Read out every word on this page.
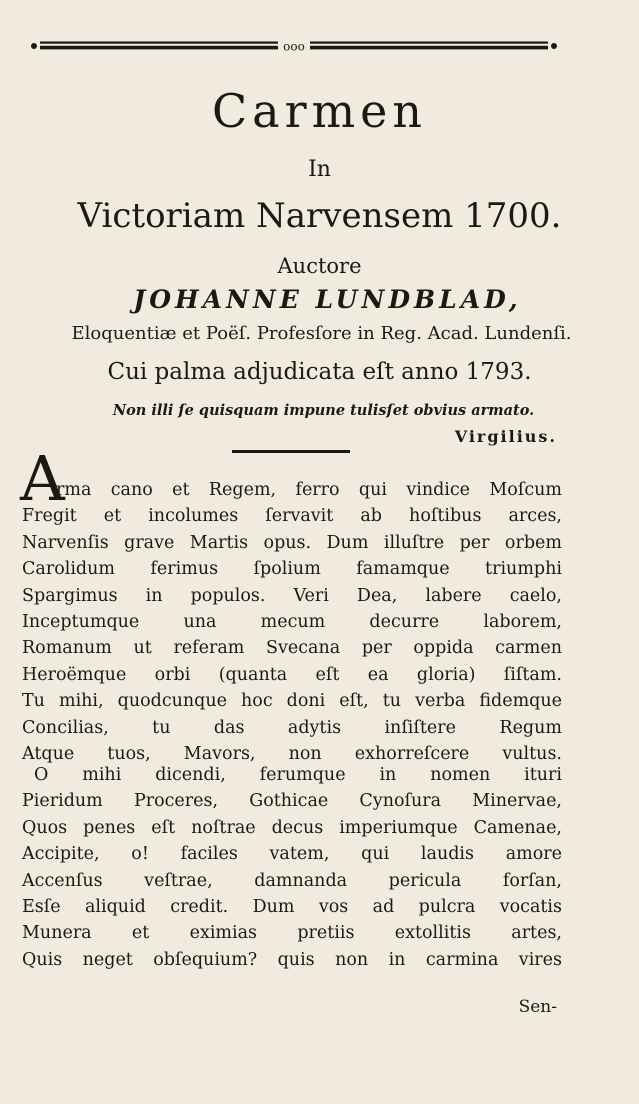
ooo
Carmen
In
Victoriam Narvensem 1700.
Auctore
JOHANNE LUNDBLAD,
Eloquentiæ et Poëſ. Profesſore in Reg. Acad. Lundenſi.
Cui palma adjudicata eſt anno 1793.
Non illi ſe quisquam impune tulisſet obvius armato.
Virgilius.
A
rma cano et Regem, ferro qui vindice Moſcum
Fregit et incolumes ſervavit ab hoſtibus arces,
Narvenſis grave Martis opus. Dum illuſtre per orbem
Carolidum ferimus ſpolium famamque triumphi
Spargimus in populos. Veri Dea, labere caelo,
Inceptumque una mecum decurre laborem,
Romanum ut referam Svecana per oppida carmen
Heroëmque orbi (quanta eſt ea gloria) ſiſtam.
Tu mihi, quodcunque hoc doni eſt, tu verba fidemque
Concilias, tu das adytis inſiſtere Regum
Atque tuos, Mavors, non exhorreſcere vultus.
O mihi dicendi, ferumque in nomen ituri
Pieridum Proceres, Gothicae Cynoſura Minervae,
Quos penes eſt noſtrae decus imperiumque Camenae,
Accipite, o! faciles vatem, qui laudis amore
Accenſus veſtrae, damnanda pericula forſan,
Esſe aliquid credit. Dum vos ad pulcra vocatis
Munera et eximias pretiis extollitis artes,
Quis neget obſequium? quis non in carmina vires
Sen-
